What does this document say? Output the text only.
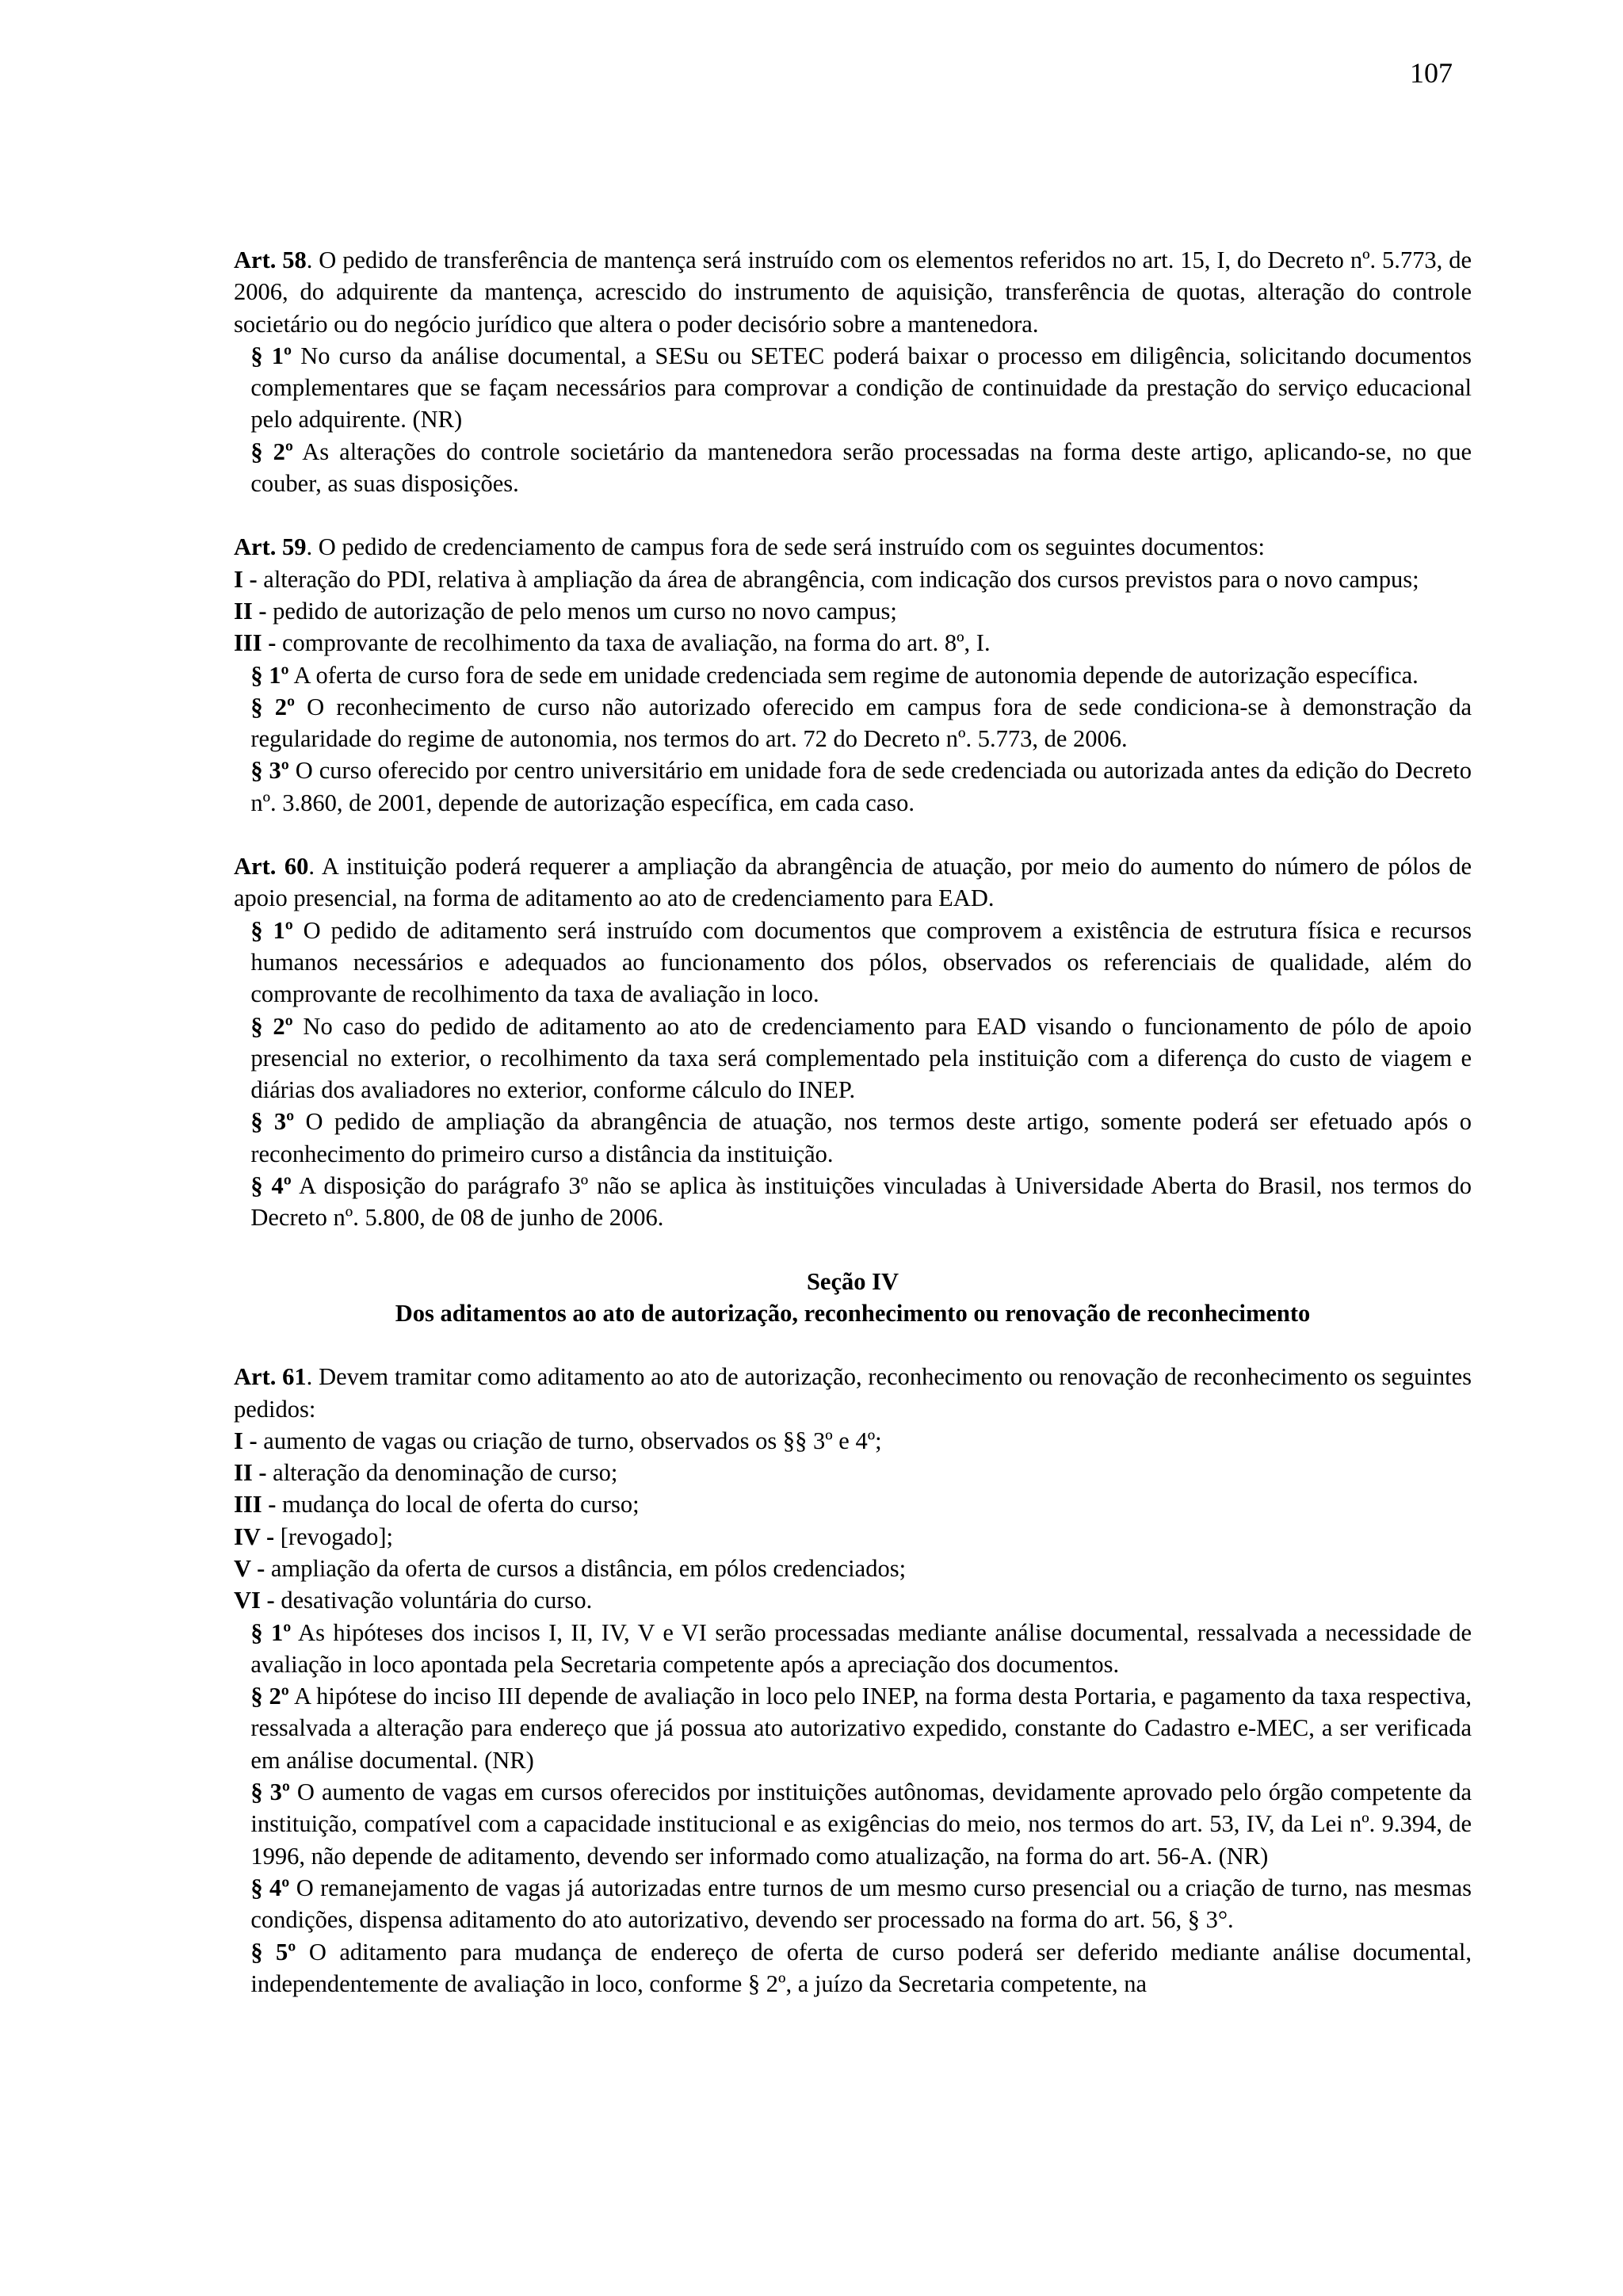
107

Art. 58. O pedido de transferência de mantença será instruído com os elementos referidos no art. 15, I, do Decreto nº. 5.773, de 2006, do adquirente da mantença, acrescido do instrumento de aquisição, transferência de quotas, alteração do controle societário ou do negócio jurídico que altera o poder decisório sobre a mantenedora.

§ 1º No curso da análise documental, a SESu ou SETEC poderá baixar o processo em diligência, solicitando documentos complementares que se façam necessários para comprovar a condição de continuidade da prestação do serviço educacional pelo adquirente. (NR)

§ 2º As alterações do controle societário da mantenedora serão processadas na forma deste artigo, aplicando-se, no que couber, as suas disposições.

Art. 59. O pedido de credenciamento de campus fora de sede será instruído com os seguintes documentos:

I - alteração do PDI, relativa à ampliação da área de abrangência, com indicação dos cursos previstos para o novo campus;

II - pedido de autorização de pelo menos um curso no novo campus;

III - comprovante de recolhimento da taxa de avaliação, na forma do art. 8º, I.

§ 1º A oferta de curso fora de sede em unidade credenciada sem regime de autonomia depende de autorização específica.

§ 2º O reconhecimento de curso não autorizado oferecido em campus fora de sede condiciona-se à demonstração da regularidade do regime de autonomia, nos termos do art. 72 do Decreto nº. 5.773, de 2006.

§ 3º O curso oferecido por centro universitário em unidade fora de sede credenciada ou autorizada antes da edição do Decreto nº. 3.860, de 2001, depende de autorização específica, em cada caso.

Art. 60. A instituição poderá requerer a ampliação da abrangência de atuação, por meio do aumento do número de pólos de apoio presencial, na forma de aditamento ao ato de credenciamento para EAD.

§ 1º O pedido de aditamento será instruído com documentos que comprovem a existência de estrutura física e recursos humanos necessários e adequados ao funcionamento dos pólos, observados os referenciais de qualidade, além do comprovante de recolhimento da taxa de avaliação in loco.

§ 2º No caso do pedido de aditamento ao ato de credenciamento para EAD visando o funcionamento de pólo de apoio presencial no exterior, o recolhimento da taxa será complementado pela instituição com a diferença do custo de viagem e diárias dos avaliadores no exterior, conforme cálculo do INEP.

§ 3º O pedido de ampliação da abrangência de atuação, nos termos deste artigo, somente poderá ser efetuado após o reconhecimento do primeiro curso a distância da instituição.

§ 4º A disposição do parágrafo 3º não se aplica às instituições vinculadas à Universidade Aberta do Brasil, nos termos do Decreto nº. 5.800, de 08 de junho de 2006.

Seção IV

Dos aditamentos ao ato de autorização, reconhecimento ou renovação de reconhecimento

Art. 61. Devem tramitar como aditamento ao ato de autorização, reconhecimento ou renovação de reconhecimento os seguintes pedidos:

I - aumento de vagas ou criação de turno, observados os §§ 3º e 4º;

II - alteração da denominação de curso;

III - mudança do local de oferta do curso;

IV - [revogado];

V - ampliação da oferta de cursos a distância, em pólos credenciados;

VI - desativação voluntária do curso.

§ 1º As hipóteses dos incisos I, II, IV, V e VI serão processadas mediante análise documental, ressalvada a necessidade de avaliação in loco apontada pela Secretaria competente após a apreciação dos documentos.

§ 2º A hipótese do inciso III depende de avaliação in loco pelo INEP, na forma desta Portaria, e pagamento da taxa respectiva, ressalvada a alteração para endereço que já possua ato autorizativo expedido, constante do Cadastro e-MEC, a ser verificada em análise documental. (NR)

§ 3º O aumento de vagas em cursos oferecidos por instituições autônomas, devidamente aprovado pelo órgão competente da instituição, compatível com a capacidade institucional e as exigências do meio, nos termos do art. 53, IV, da Lei nº. 9.394, de 1996, não depende de aditamento, devendo ser informado como atualização, na forma do art. 56-A. (NR)

§ 4º O remanejamento de vagas já autorizadas entre turnos de um mesmo curso presencial ou a criação de turno, nas mesmas condições, dispensa aditamento do ato autorizativo, devendo ser processado na forma do art. 56, § 3°.

§ 5º O aditamento para mudança de endereço de oferta de curso poderá ser deferido mediante análise documental, independentemente de avaliação in loco, conforme § 2º, a juízo da Secretaria competente, na
